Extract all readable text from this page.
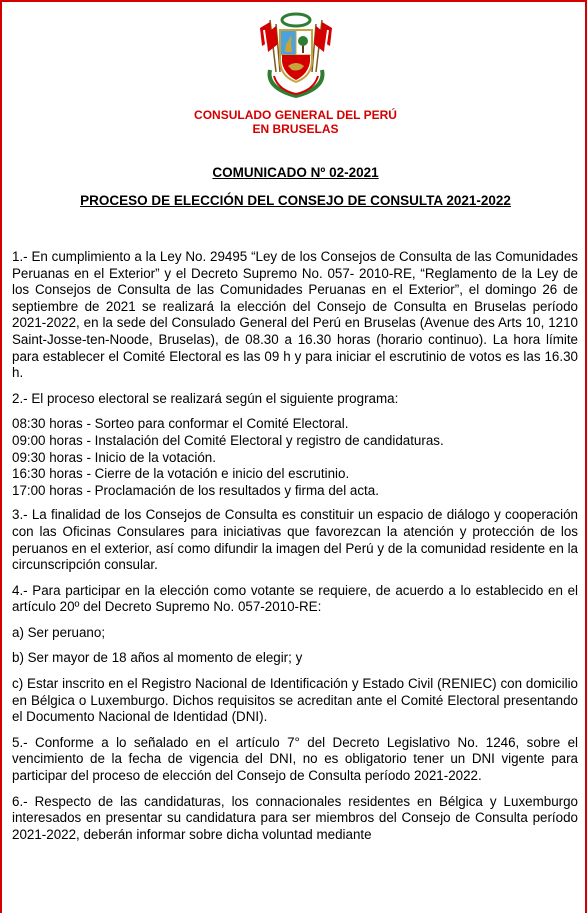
CONSULADO GENERAL DEL PERÚ
EN BRUSELAS
COMUNICADO Nº 02-2021
PROCESO DE ELECCIÓN DEL CONSEJO DE CONSULTA 2021-2022

1.- En cumplimiento a la Ley No. 29495 “Ley de los Consejos de Consulta de las Comunidades Peruanas en el Exterior” y el Decreto Supremo No. 057- 2010-RE, “Reglamento de la Ley de los Consejos de Consulta de las Comunidades Peruanas en el Exterior”, el domingo 26 de septiembre de 2021 se realizará la elección del Consejo de Consulta en Bruselas período 2021-2022, en la sede del Consulado General del Perú en Bruselas (Avenue des Arts 10, 1210 Saint-Josse-ten-Noode, Bruselas), de 08.30 a 16.30 horas (horario continuo). La hora límite para establecer el Comité Electoral es las 09 h y para iniciar el escrutinio de votos es las 16.30 h.

2.- El proceso electoral se realizará según el siguiente programa:

08:30 horas - Sorteo para conformar el Comité Electoral.
09:00 horas - Instalación del Comité Electoral y registro de candidaturas.
09:30 horas - Inicio de la votación.
16:30 horas - Cierre de la votación e inicio del escrutinio.
17:00 horas - Proclamación de los resultados y firma del acta.

3.- La finalidad de los Consejos de Consulta es constituir un espacio de diálogo y cooperación con las Oficinas Consulares para iniciativas que favorezcan la atención y protección de los peruanos en el exterior, así como difundir la imagen del Perú y de la comunidad residente en la circunscripción consular.

4.- Para participar en la elección como votante se requiere, de acuerdo a lo establecido en el artículo 20º del Decreto Supremo No. 057-2010-RE:

a) Ser peruano;

b) Ser mayor de 18 años al momento de elegir; y

c) Estar inscrito en el Registro Nacional de Identificación y Estado Civil (RENIEC) con domicilio en Bélgica o Luxemburgo. Dichos requisitos se acreditan ante el Comité Electoral presentando el Documento Nacional de Identidad (DNI).

5.- Conforme a lo señalado en el artículo 7° del Decreto Legislativo No. 1246, sobre el vencimiento de la fecha de vigencia del DNI, no es obligatorio tener un DNI vigente para participar del proceso de elección del Consejo de Consulta período 2021-2022.

6.- Respecto de las candidaturas, los connacionales residentes en Bélgica y Luxemburgo interesados en presentar su candidatura para ser miembros del Consejo de Consulta período 2021-2022, deberán informar sobre dicha voluntad mediante
